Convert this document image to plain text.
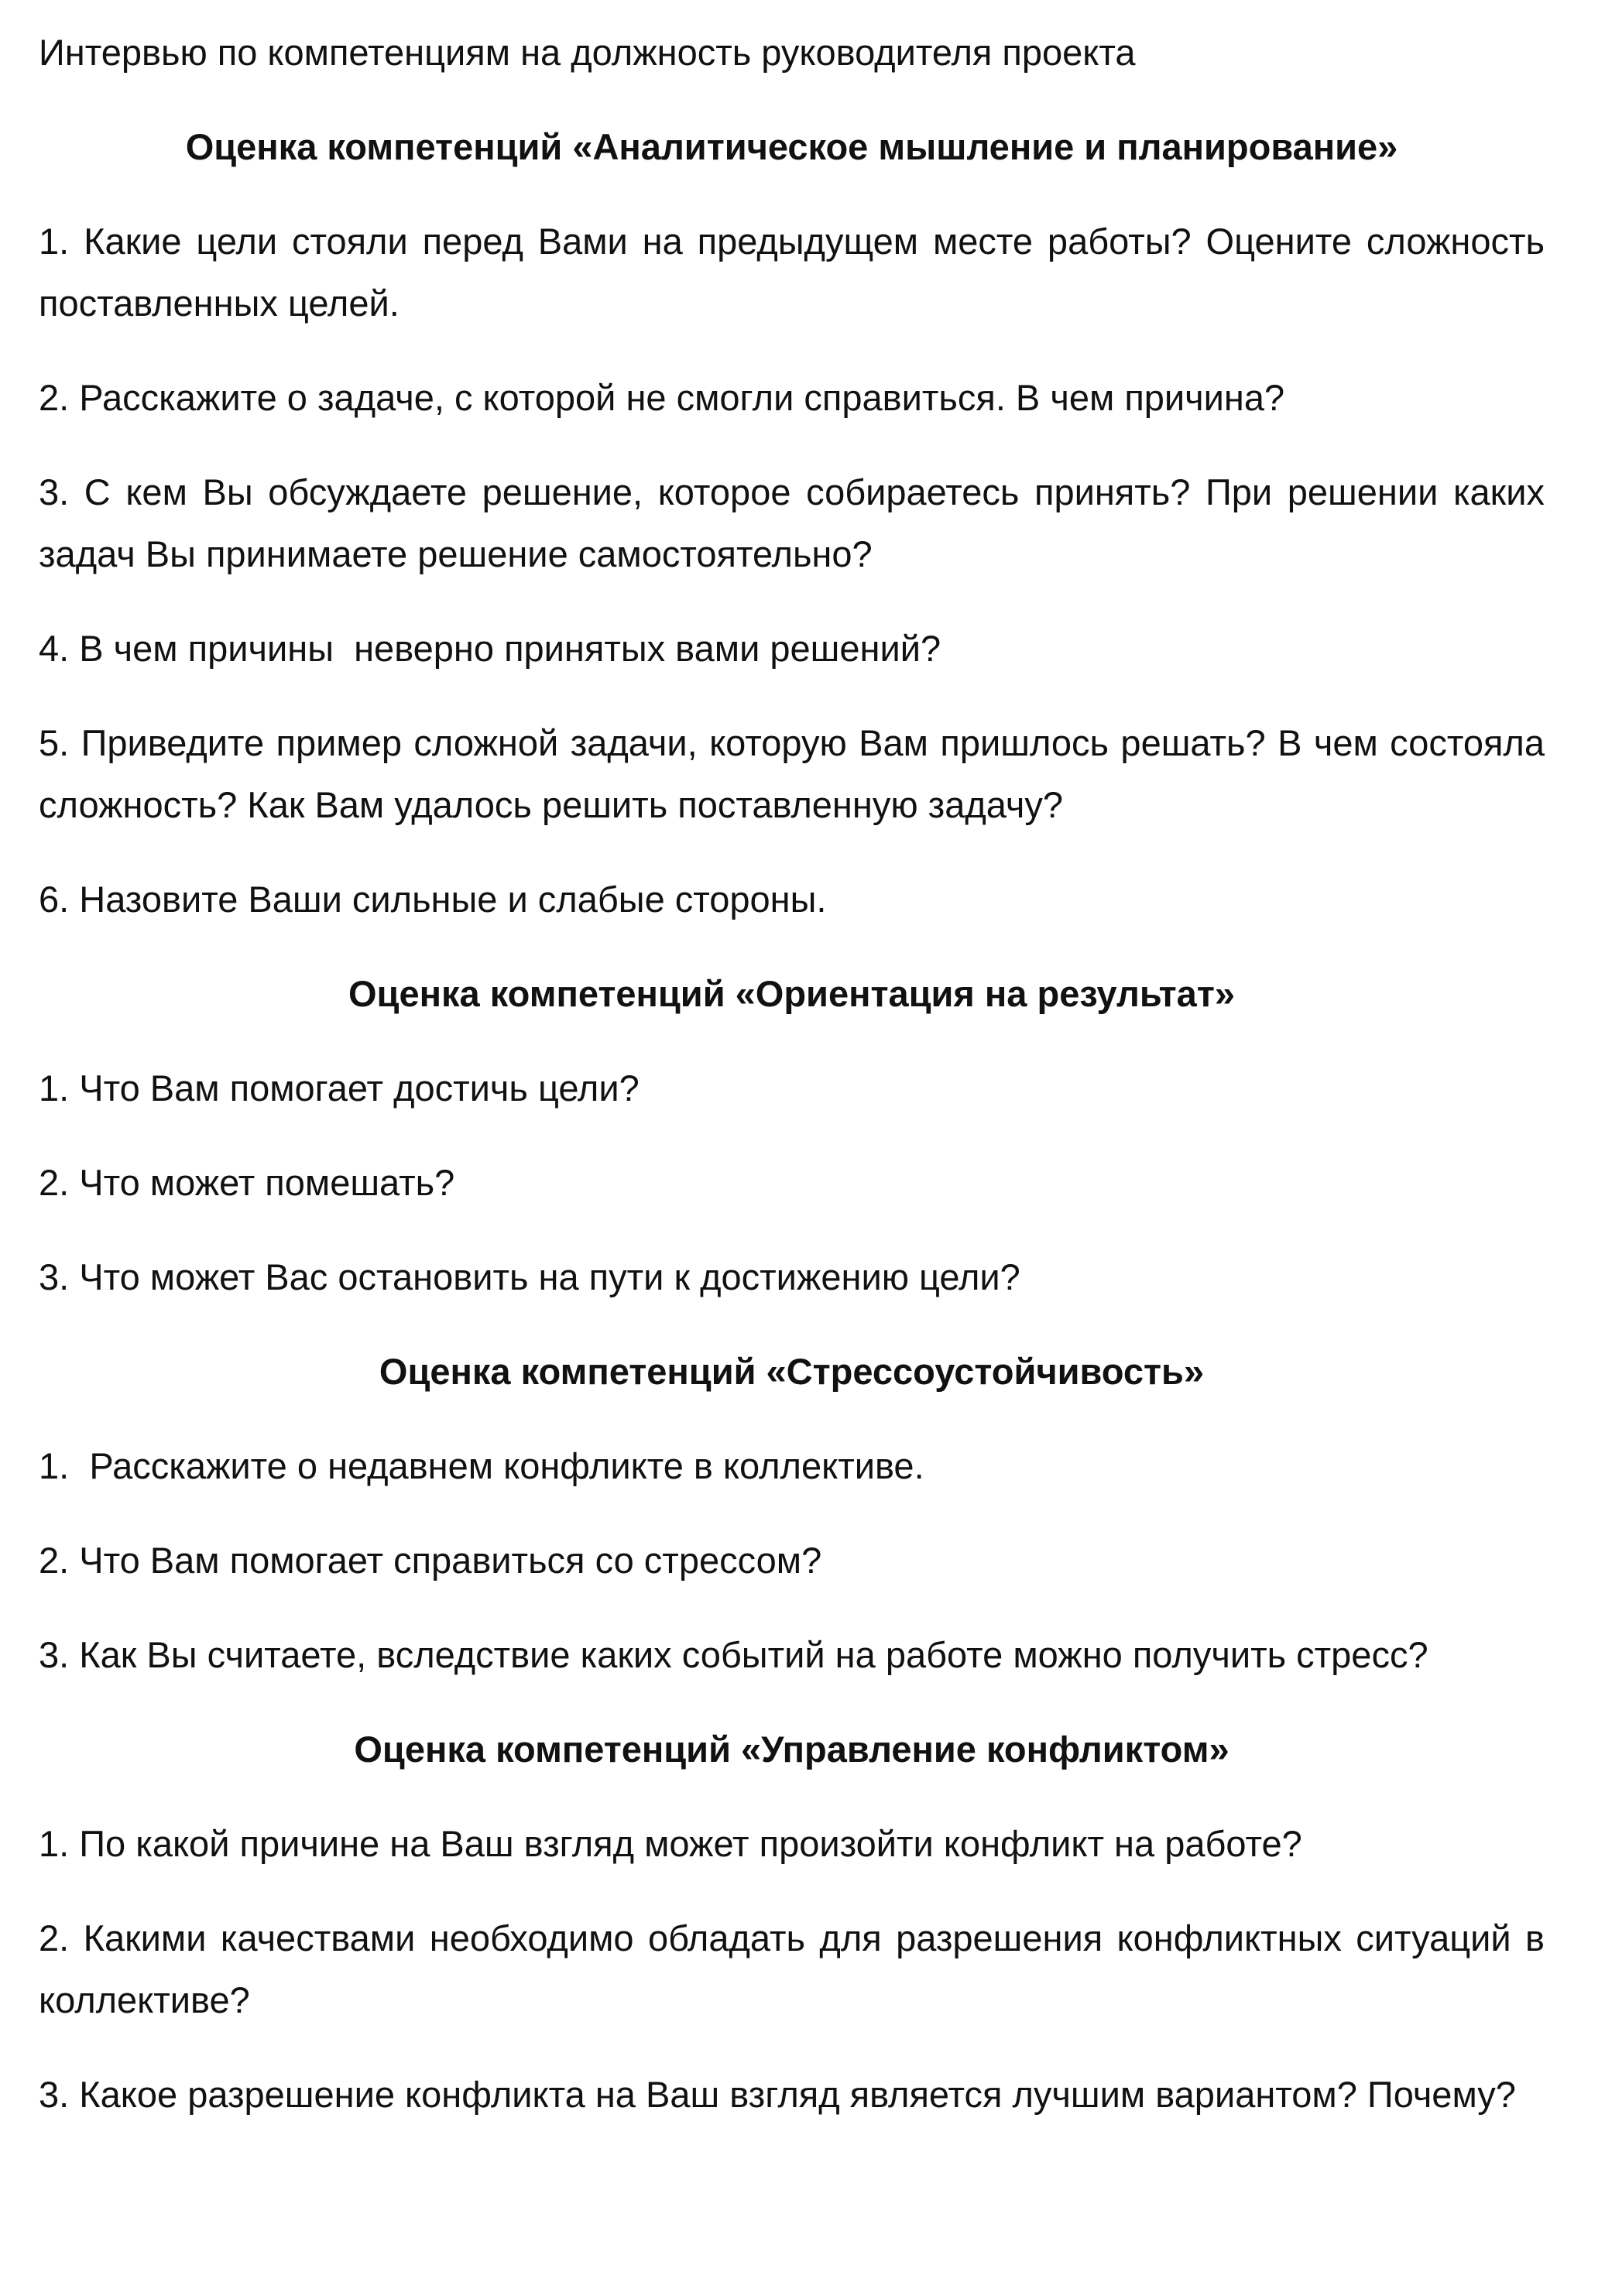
Интервью по компетенциям на должность руководителя проекта

Оценка компетенций «Аналитическое мышление и планирование»

1. Какие цели стояли перед Вами на предыдущем месте работы? Оцените сложность поставленных целей.

2. Расскажите о задаче, с которой не смогли справиться. В чем причина?

3. С кем Вы обсуждаете решение, которое собираетесь принять? При решении каких задач Вы принимаете решение самостоятельно?

4. В чем причины  неверно принятых вами решений?

5. Приведите пример сложной задачи, которую Вам пришлось решать? В чем состояла сложность? Как Вам удалось решить поставленную задачу?

6. Назовите Ваши сильные и слабые стороны.

Оценка компетенций «Ориентация на результат»

1. Что Вам помогает достичь цели?

2. Что может помешать?

3. Что может Вас остановить на пути к достижению цели?

Оценка компетенций «Стрессоустойчивость»

1.  Расскажите о недавнем конфликте в коллективе.

2. Что Вам помогает справиться со стрессом?

3. Как Вы считаете, вследствие каких событий на работе можно получить стресс?

Оценка компетенций «Управление конфликтом»

1. По какой причине на Ваш взгляд может произойти конфликт на работе?

2. Какими качествами необходимо обладать для разрешения конфликтных ситуаций в коллективе?

3. Какое разрешение конфликта на Ваш взгляд является лучшим вариантом? Почему?
